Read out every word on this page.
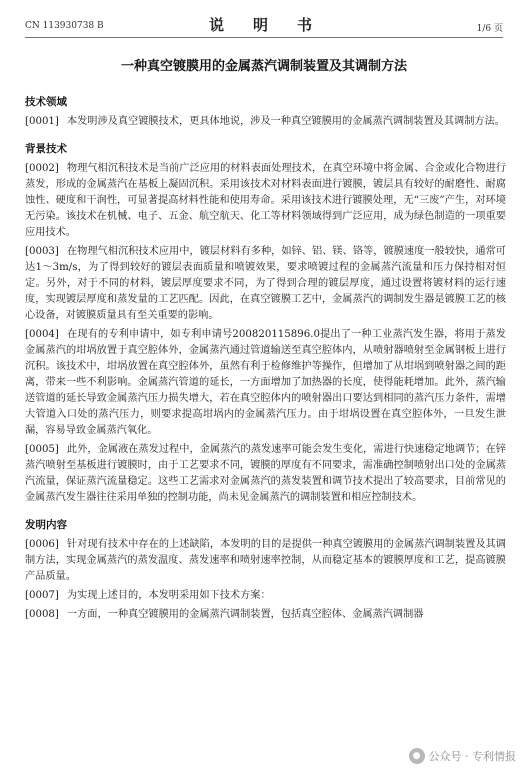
CN 113930738 B	说　明　书	1/6 页
一种真空镀膜用的金属蒸汽调制装置及其调制方法
技术领域

[0001] 本发明涉及真空镀膜技术，更具体地说，涉及一种真空镀膜用的金属蒸汽调制装置及其调制方法。

背景技术

[0002] 物理气相沉积技术是当前广泛应用的材料表面处理技术，在真空环境中将金属、合金或化合物进行蒸发，形成的金属蒸汽在基板上凝固沉积。采用该技术对材料表面进行镀膜，镀层具有较好的耐磨性、耐腐蚀性、硬度和干润性，可显著提高材料性能和使用寿命。采用该技术进行镀膜处理，无“三废”产生，对环境无污染。该技术在机械、电子、五金、航空航天、化工等材料领域得到广泛应用，成为绿色制造的一项重要应用技术。

[0003] 在物理气相沉积技术应用中，镀层材料有多种，如锌、铝、镁、铬等，镀膜速度一般较快，通常可达1～3m/s，为了得到较好的镀层表面质量和喷镀效果，要求喷镀过程的金属蒸汽流量和压力保持相对恒定。另外，对于不同的材料，镀层厚度要求不同，为了得到合理的镀层厚度，通过设置将镀材料的运行速度，实现镀层厚度和蒸发量的工艺匹配。因此，在真空镀膜工艺中，金属蒸汽的调制发生器是镀膜工艺的核心设备，对镀膜质量具有至关重要的影响。

[0004] 在现有的专利申请中，如专利申请号200820115896.0提出了一种工业蒸汽发生器，将用于蒸发金属蒸汽的坩埚放置于真空腔体外，金属蒸汽通过管道输送至真空腔体内，从喷射器喷射至金属钢板上进行沉积。该技术中，坩埚放置在真空腔体外，虽然有利于检修维护等操作，但增加了从坩埚到喷射器之间的距离，带来一些不利影响。金属蒸汽管道的延长，一方面增加了加热器的长度，使得能耗增加。此外，蒸汽输送管道的延长导致金属蒸汽压力损失增大，若在真空腔体内的喷射器出口要达到相同的蒸汽压力条件，需增大管道入口处的蒸汽压力，则要求提高坩埚内的金属蒸汽压力。由于坩埚设置在真空腔体外，一旦发生泄漏，容易导致金属蒸汽氧化。

[0005] 此外，金属液在蒸发过程中，金属蒸汽的蒸发速率可能会发生变化，需进行快速稳定地调节；在锌蒸汽喷射至基板进行镀膜时，由于工艺要求不同，镀膜的厚度有不同要求，需准确控制喷射出口处的金属蒸汽流量，保证蒸汽流量稳定。这些工艺需求对金属蒸汽的蒸发装置和调节技术提出了较高要求，目前常见的金属蒸汽发生器往往采用单独的控制功能，尚未见金属蒸汽的调制装置和相应控制技术。

发明内容

[0006] 针对现有技术中存在的上述缺陷，本发明的目的是提供一种真空镀膜用的金属蒸汽调制装置及其调制方法，实现金属蒸汽的蒸发温度、蒸发速率和喷射速率控制，从而稳定基本的镀膜厚度和工艺，提高镀膜产品质量。

[0007] 为实现上述目的，本发明采用如下技术方案：

[0008] 一方面，一种真空镀膜用的金属蒸汽调制装置，包括真空腔体、金属蒸汽调制器

● 公众号 · 专利情报
